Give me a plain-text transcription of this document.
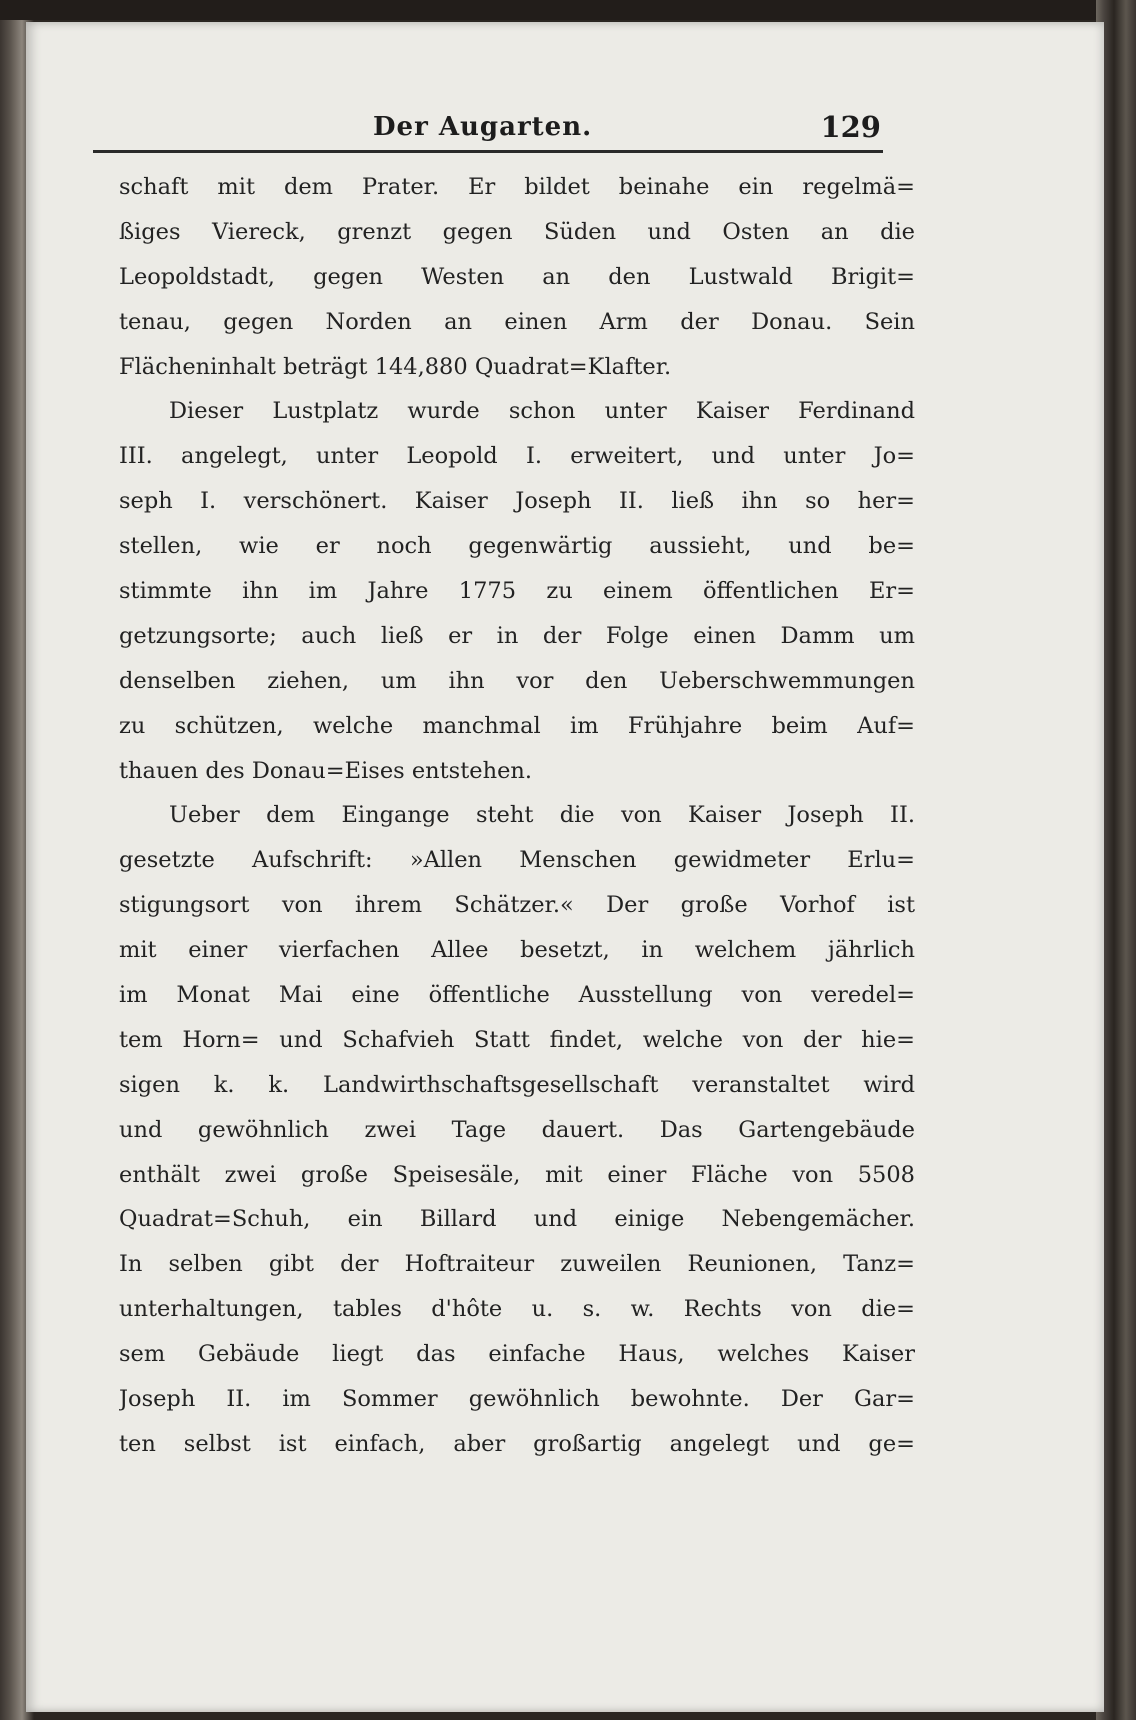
Der Augarten.	129
schaft mit dem Prater. Er bildet beinahe ein regelmä=
ßiges Viereck, grenzt gegen Süden und Osten an die
Leopoldstadt, gegen Westen an den Lustwald Brigit=
tenau, gegen Norden an einen Arm der Donau. Sein
Flächeninhalt beträgt 144,880 Quadrat=Klafter.
Dieser Lustplatz wurde schon unter Kaiser Ferdinand
III. angelegt, unter Leopold I. erweitert, und unter Jo=
seph I. verschönert. Kaiser Joseph II. ließ ihn so her=
stellen, wie er noch gegenwärtig aussieht, und be=
stimmte ihn im Jahre 1775 zu einem öffentlichen Er=
getzungsorte; auch ließ er in der Folge einen Damm um
denselben ziehen, um ihn vor den Ueberschwemmungen
zu schützen, welche manchmal im Frühjahre beim Auf=
thauen des Donau=Eises entstehen.
Ueber dem Eingange steht die von Kaiser Joseph II.
gesetzte Aufschrift: »Allen Menschen gewidmeter Erlu=
stigungsort von ihrem Schätzer.« Der große Vorhof ist
mit einer vierfachen Allee besetzt, in welchem jährlich
im Monat Mai eine öffentliche Ausstellung von veredel=
tem Horn= und Schafvieh Statt findet, welche von der hie=
sigen k. k. Landwirthschaftsgesellschaft veranstaltet wird
und gewöhnlich zwei Tage dauert. Das Gartengebäude
enthält zwei große Speisesäle, mit einer Fläche von 5508
Quadrat=Schuh, ein Billard und einige Nebengemächer.
In selben gibt der Hoftraiteur zuweilen Reunionen, Tanz=
unterhaltungen, tables d'hôte u. s. w. Rechts von die=
sem Gebäude liegt das einfache Haus, welches Kaiser
Joseph II. im Sommer gewöhnlich bewohnte. Der Gar=
ten selbst ist einfach, aber großartig angelegt und ge=
